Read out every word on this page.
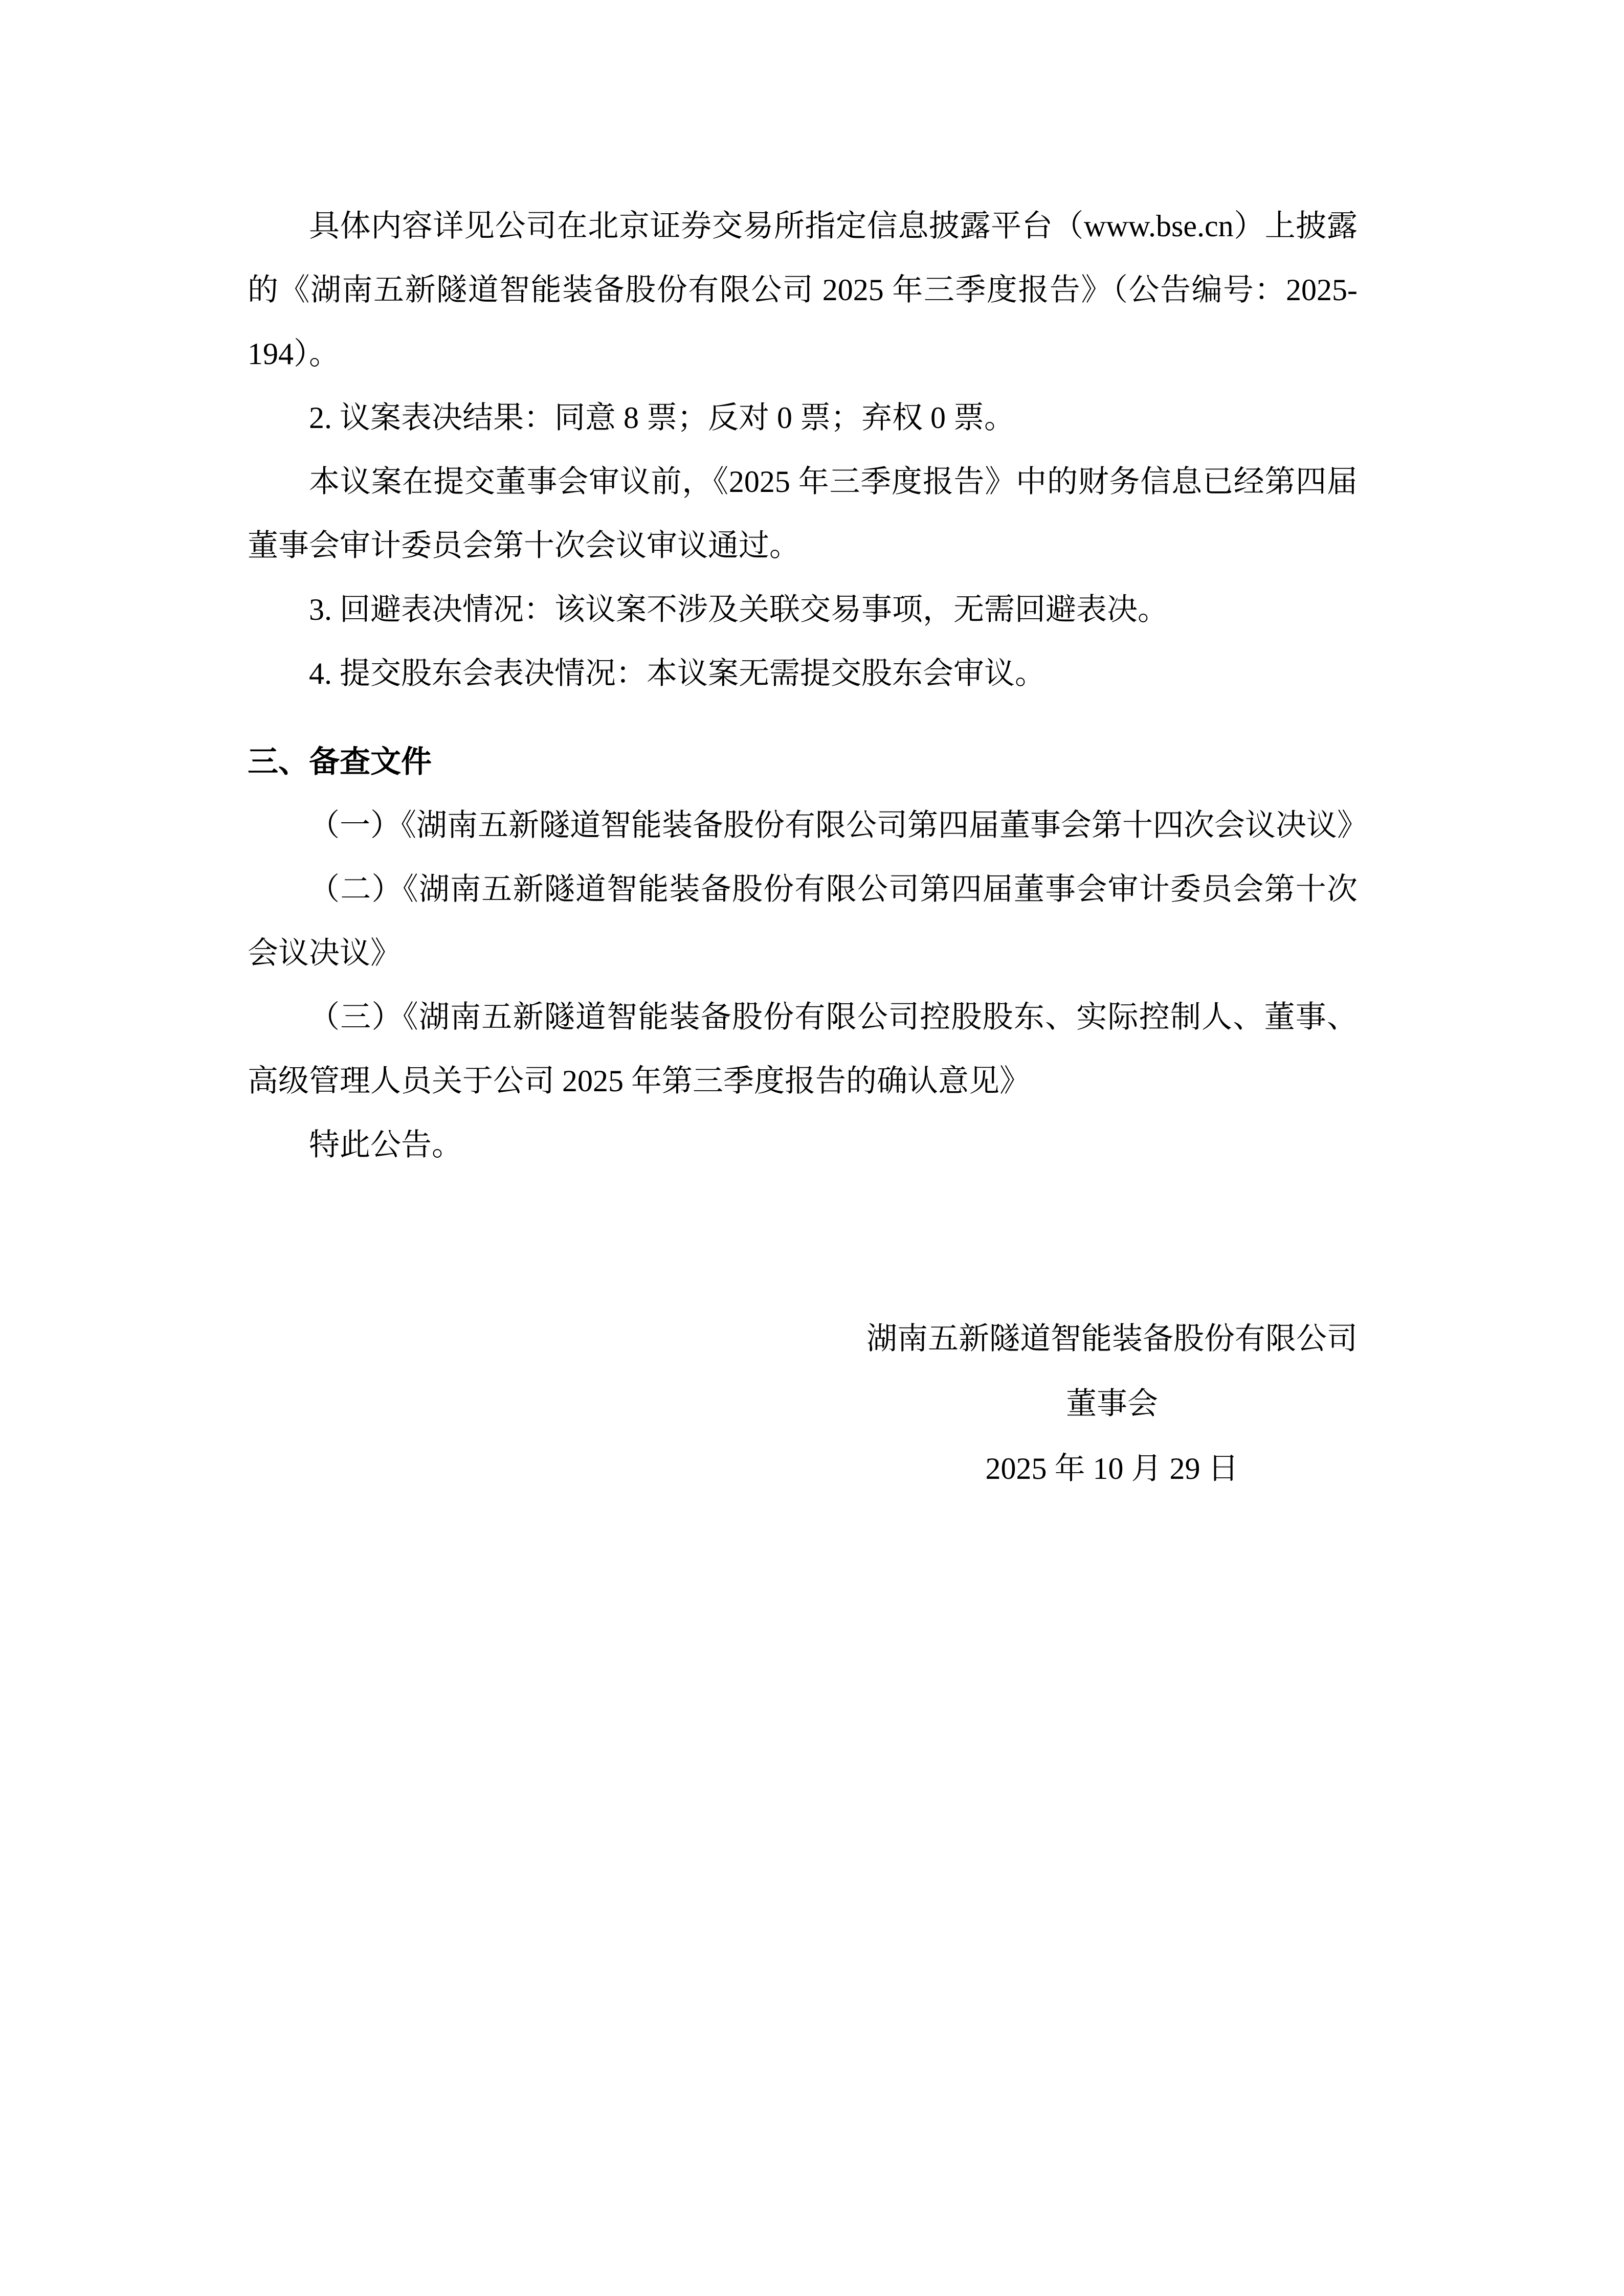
具体内容详见公司在北京证券交易所指定信息披露平台（www.bse.cn）上披露的《湖南五新隧道智能装备股份有限公司 2025 年三季度报告》（公告编号：2025-194）。

2. 议案表决结果：同意 8 票；反对 0 票；弃权 0 票。

本议案在提交董事会审议前，《2025 年三季度报告》中的财务信息已经第四届董事会审计委员会第十次会议审议通过。

3. 回避表决情况：该议案不涉及关联交易事项，无需回避表决。

4. 提交股东会表决情况：本议案无需提交股东会审议。

三、备查文件

（一）《湖南五新隧道智能装备股份有限公司第四届董事会第十四次会议决议》

（二）《湖南五新隧道智能装备股份有限公司第四届董事会审计委员会第十次会议决议》

（三）《湖南五新隧道智能装备股份有限公司控股股东、实际控制人、董事、高级管理人员关于公司 2025 年第三季度报告的确认意见》

特此公告。

湖南五新隧道智能装备股份有限公司
董事会
2025 年 10 月 29 日
